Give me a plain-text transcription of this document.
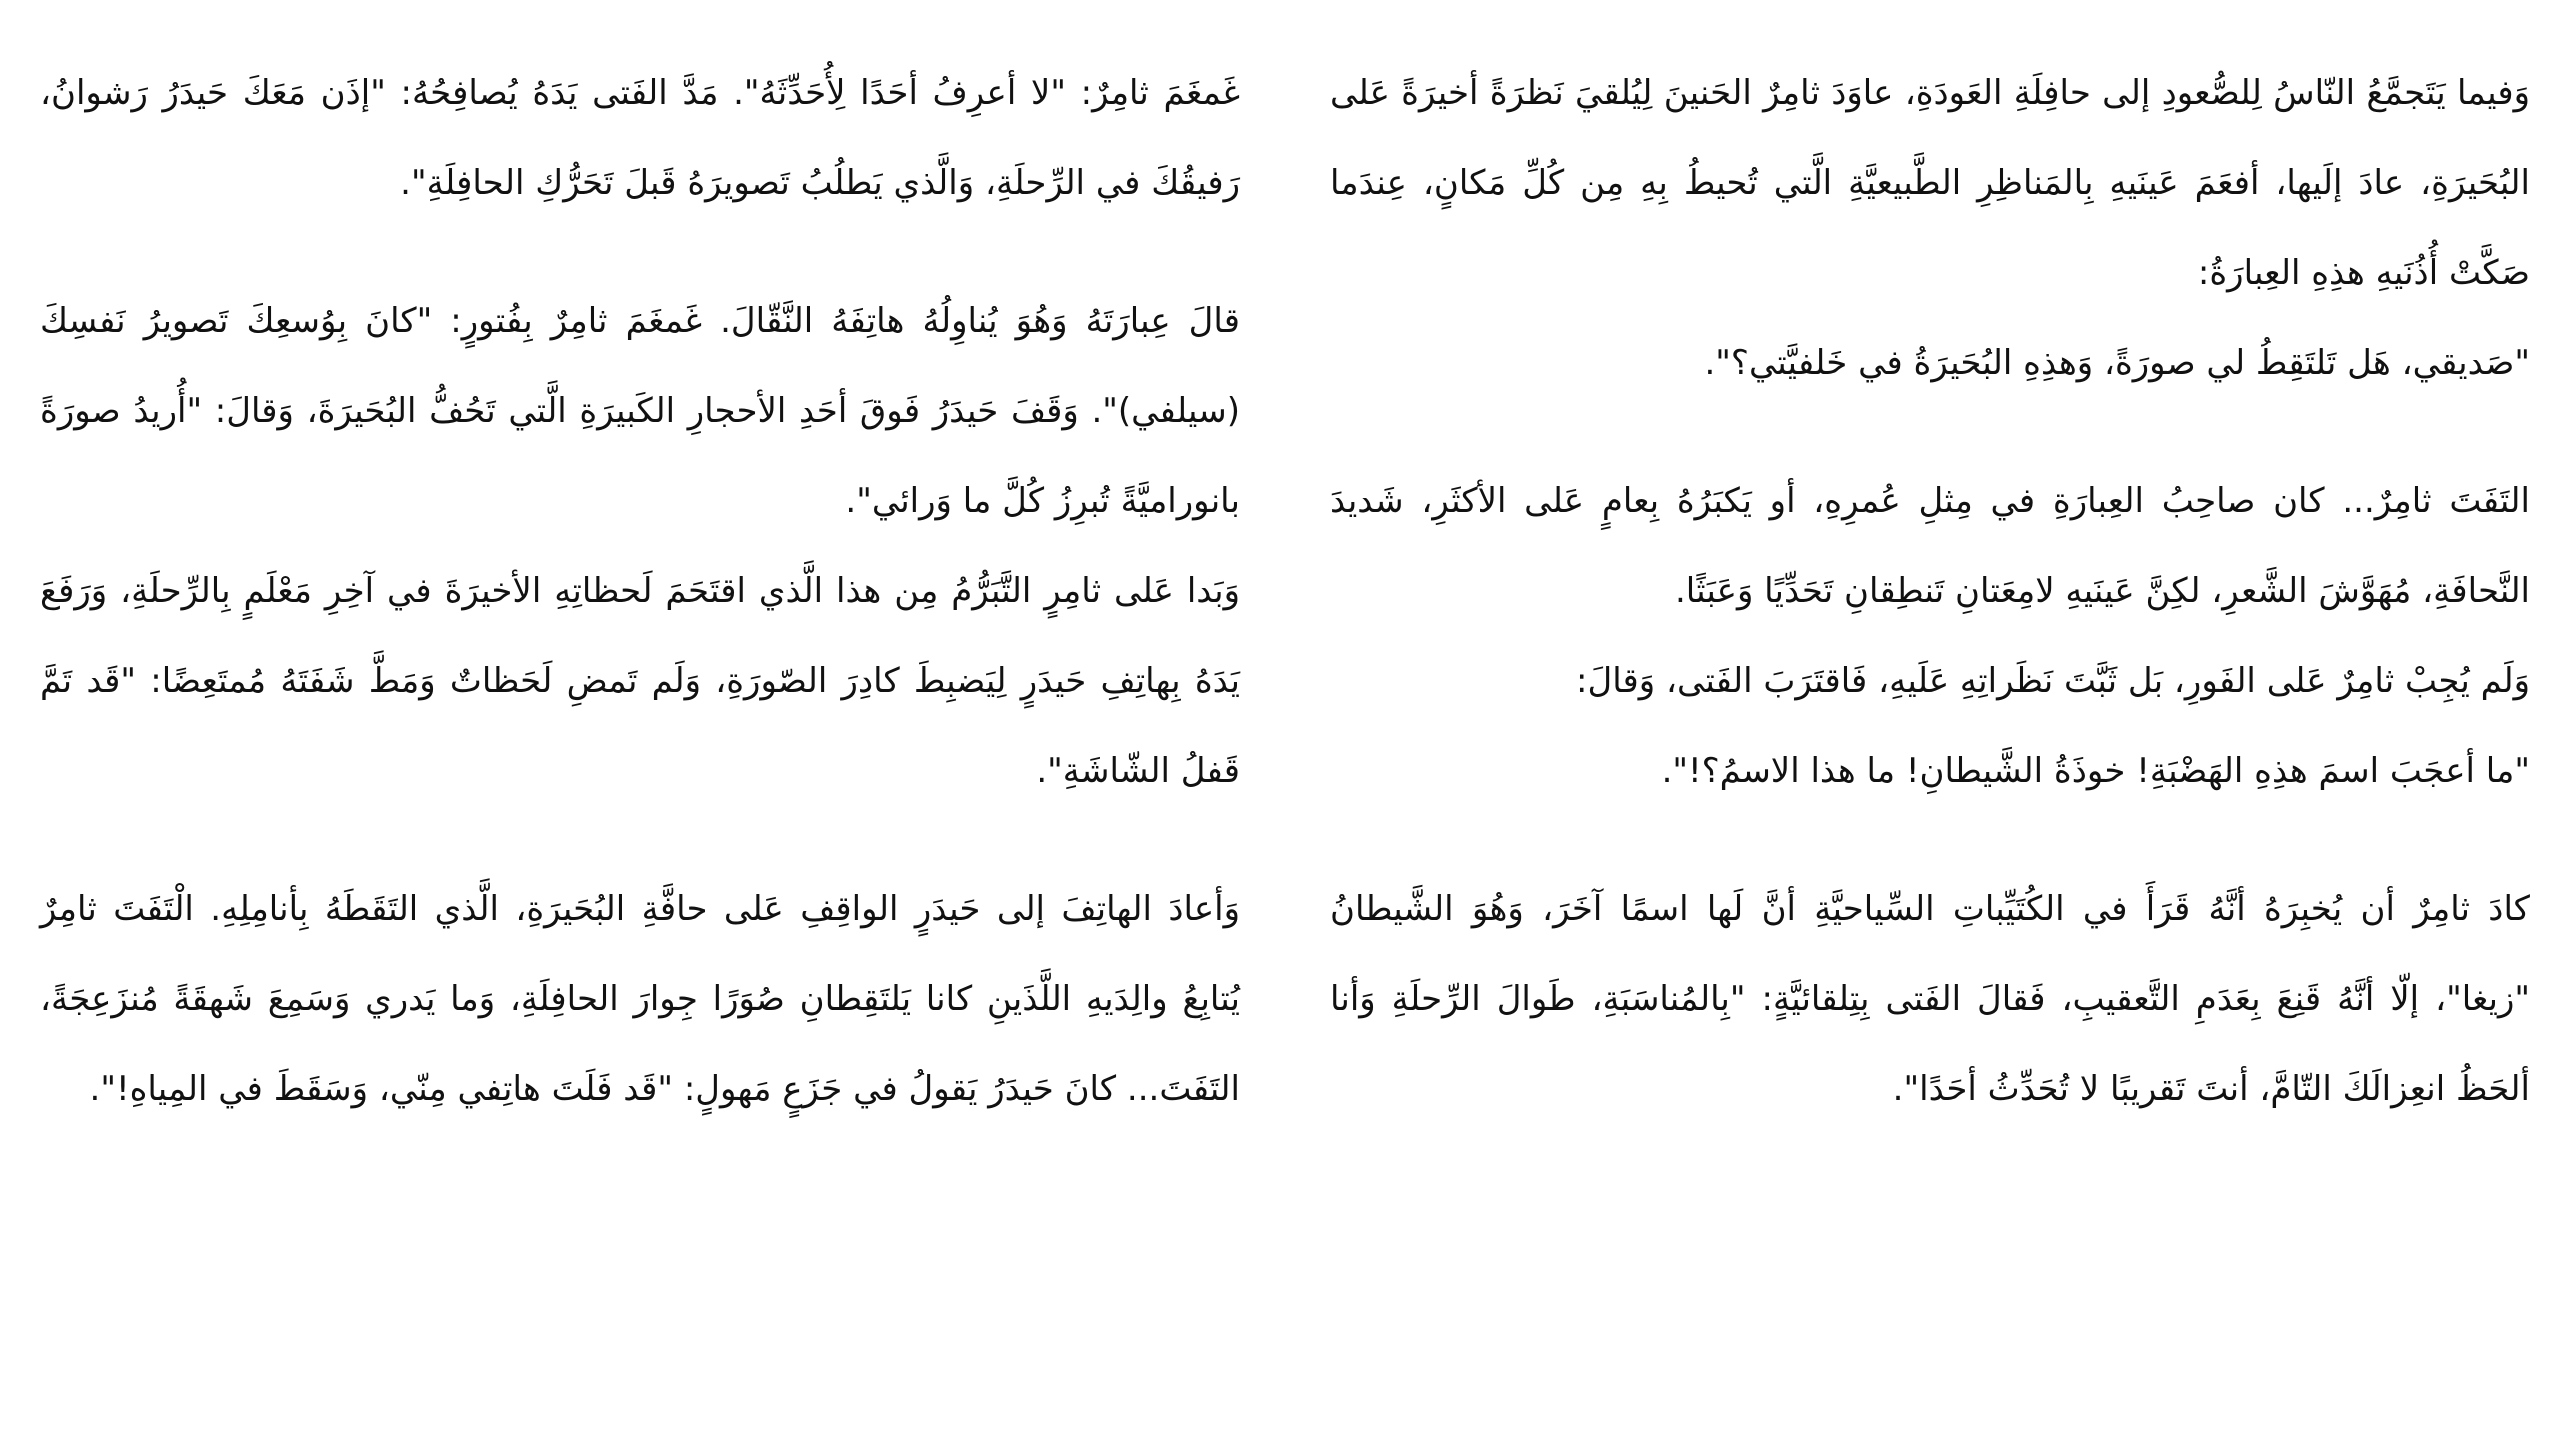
وَفيما يَتَجمَّعُ النّاسُ لِلصُّعودِ إلى حافِلَةِ العَودَةِ، عاوَدَ ثامِرٌ الحَنينَ لِيُلقيَ نَظرَةً أخيرَةً عَلى البُحَيرَةِ، عادَ إلَيها، أفعَمَ عَينَيهِ بِالمَناظِرِ الطَّبيعيَّةِ الَّتي تُحيطُ بِهِ مِن كُلِّ مَكانٍ، عِندَما صَكَّتْ أُذُنَيهِ هذِهِ العِبارَةُ:

"صَديقي، هَل تَلتَقِطُ لي صورَةً، وَهذِهِ البُحَيرَةُ في خَلفيَّتي؟".

التَفَتَ ثامِرٌ... كان صاحِبُ العِبارَةِ في مِثلِ عُمرِهِ، أو يَكبَرُهُ بِعامٍ عَلى الأكثَرِ، شَديدَ النَّحافَةِ، مُهَوَّشَ الشَّعرِ، لكِنَّ عَينَيهِ لامِعَتانِ تَنطِقانِ تَحَدِّيًا وَعَبَثًا.

وَلَم يُجِبْ ثامِرٌ عَلى الفَورِ، بَل ثَبَّتَ نَظَراتِهِ عَلَيهِ، فَاقتَرَبَ الفَتى، وَقالَ:

"ما أعجَبَ اسمَ هذِهِ الهَضْبَةِ! خوذَةُ الشَّيطانِ! ما هذا الاسمُ؟!".

كادَ ثامِرٌ أن يُخبِرَهُ أنَّهُ قَرَأَ في الكُتَيِّباتِ السِّياحيَّةِ أنَّ لَها اسمًا آخَرَ، وَهُوَ الشَّيطانُ "زيغا"، إلّا أنَّهُ قَنِعَ بِعَدَمِ التَّعقيبِ، فَقالَ الفَتى بِتِلقائيَّةٍ: "بِالمُناسَبَةِ، طَوالَ الرِّحلَةِ وَأنا ألحَظُ انعِزالَكَ التّامَّ، أنتَ تَقريبًا لا تُحَدِّثُ أحَدًا".

غَمغَمَ ثامِرٌ: "لا أعرِفُ أحَدًا لِأُحَدِّثَهُ". مَدَّ الفَتى يَدَهُ يُصافِحُهُ: "إذَن مَعَكَ حَيدَرُ رَشوانُ، رَفيقُكَ في الرِّحلَةِ، وَالَّذي يَطلُبُ تَصويرَهُ قَبلَ تَحَرُّكِ الحافِلَةِ".

قالَ عِبارَتَهُ وَهُوَ يُناوِلُهُ هاتِفَهُ النَّقّالَ. غَمغَمَ ثامِرٌ بِفُتورٍ: "كانَ بِوُسعِكَ تَصويرُ نَفسِكَ (سيلفي)". وَقَفَ حَيدَرُ فَوقَ أحَدِ الأحجارِ الكَبيرَةِ الَّتي تَحُفُّ البُحَيرَةَ، وَقالَ: "أُريدُ صورَةً بانوراميَّةً تُبرِزُ كُلَّ ما وَرائي".

وَبَدا عَلى ثامِرٍ التَّبَرُّمُ مِن هذا الَّذي اقتَحَمَ لَحظاتِهِ الأخيرَةَ في آخِرِ مَعْلَمٍ بِالرِّحلَةِ، وَرَفَعَ يَدَهُ بِهاتِفِ حَيدَرٍ لِيَضبِطَ كادِرَ الصّورَةِ، وَلَم تَمضِ لَحَظاتٌ وَمَطَّ شَفَتَهُ مُمتَعِضًا: "قَد تَمَّ قَفلُ الشّاشَةِ".

وَأعادَ الهاتِفَ إلى حَيدَرٍ الواقِفِ عَلى حافَّةِ البُحَيرَةِ، الَّذي التَقَطَهُ بِأنامِلِهِ. الْتَفَتَ ثامِرٌ يُتابِعُ والِدَيهِ اللَّذَينِ كانا يَلتَقِطانِ صُوَرًا جِوارَ الحافِلَةِ، وَما يَدري وَسَمِعَ شَهقَةً مُنزَعِجَةً، التَفَتَ... كانَ حَيدَرُ يَقولُ في جَزَعٍ مَهولٍ: "قَد فَلَتَ هاتِفي مِنّي، وَسَقَطَ في المِياهِ!".
